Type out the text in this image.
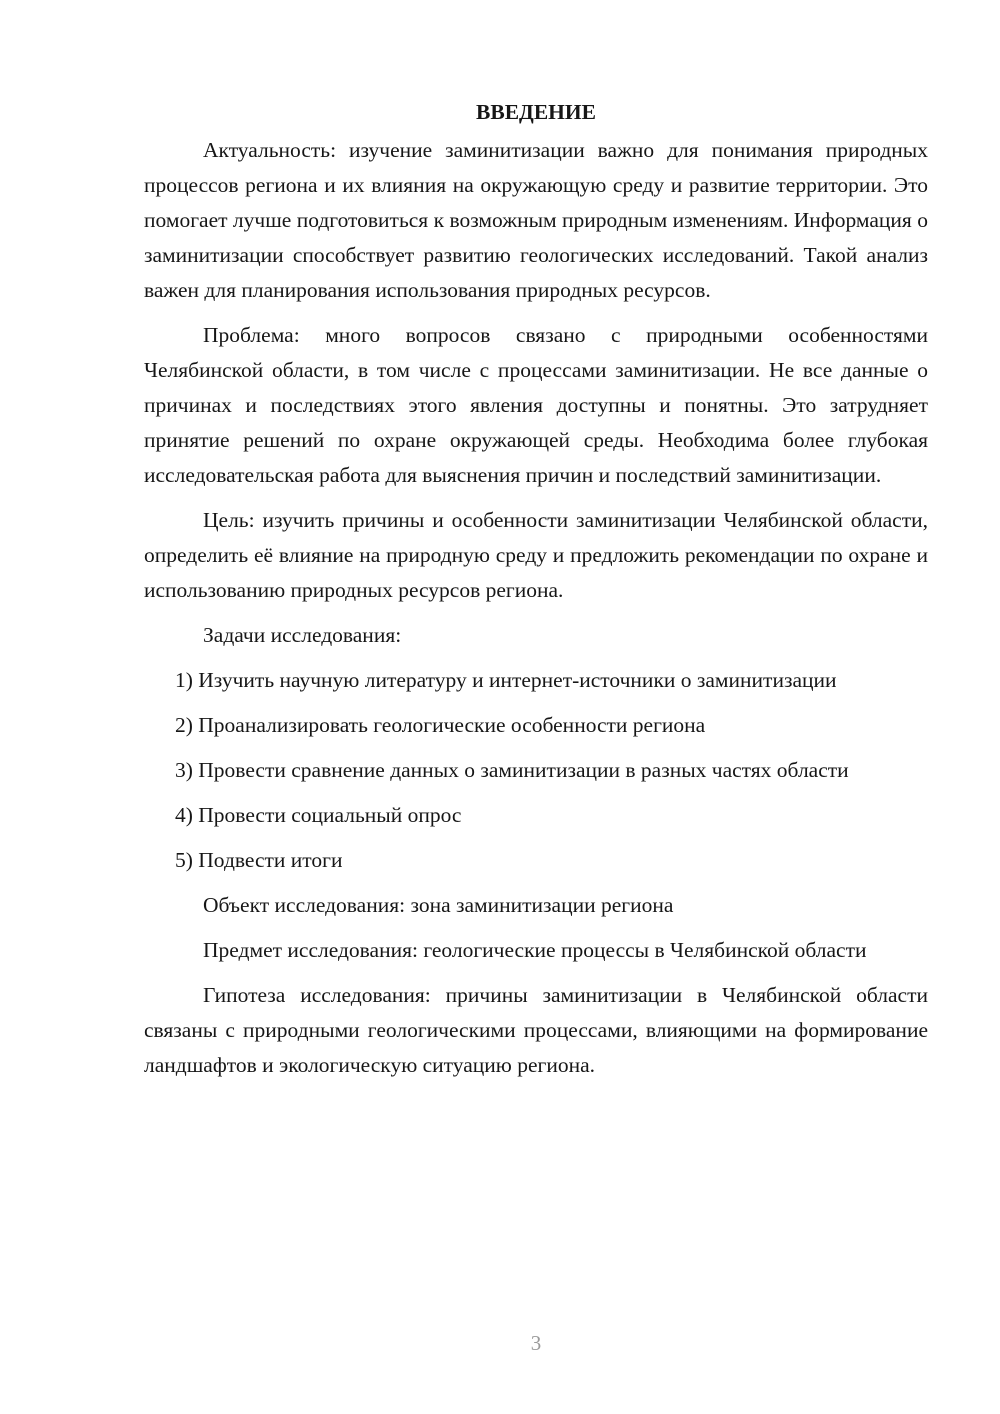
ВВЕДЕНИЕ

Актуальность: изучение заминитизации важно для понимания природных процессов региона и их влияния на окружающую среду и развитие территории. Это помогает лучше подготовиться к возможным природным изменениям. Информация о заминитизации способствует развитию геологических исследований. Такой анализ важен для планирования использования природных ресурсов.

Проблема: много вопросов связано с природными особенностями Челябинской области, в том числе с процессами заминитизации. Не все данные о причинах и последствиях этого явления доступны и понятны. Это затрудняет принятие решений по охране окружающей среды. Необходима более глубокая исследовательская работа для выяснения причин и последствий заминитизации.

Цель: изучить причины и особенности заминитизации Челябинской области, определить её влияние на природную среду и предложить рекомендации по охране и использованию природных ресурсов региона.

Задачи исследования:

1) Изучить научную литературу и интернет-источники о заминитизации

2) Проанализировать геологические особенности региона

3) Провести сравнение данных о заминитизации в разных частях области

4) Провести социальный опрос

5) Подвести итоги

Объект исследования: зона заминитизации региона

Предмет исследования: геологические процессы в Челябинской области

Гипотеза исследования: причины заминитизации в Челябинской области связаны с природными геологическими процессами, влияющими на формирование ландшафтов и экологическую ситуацию региона.

3
